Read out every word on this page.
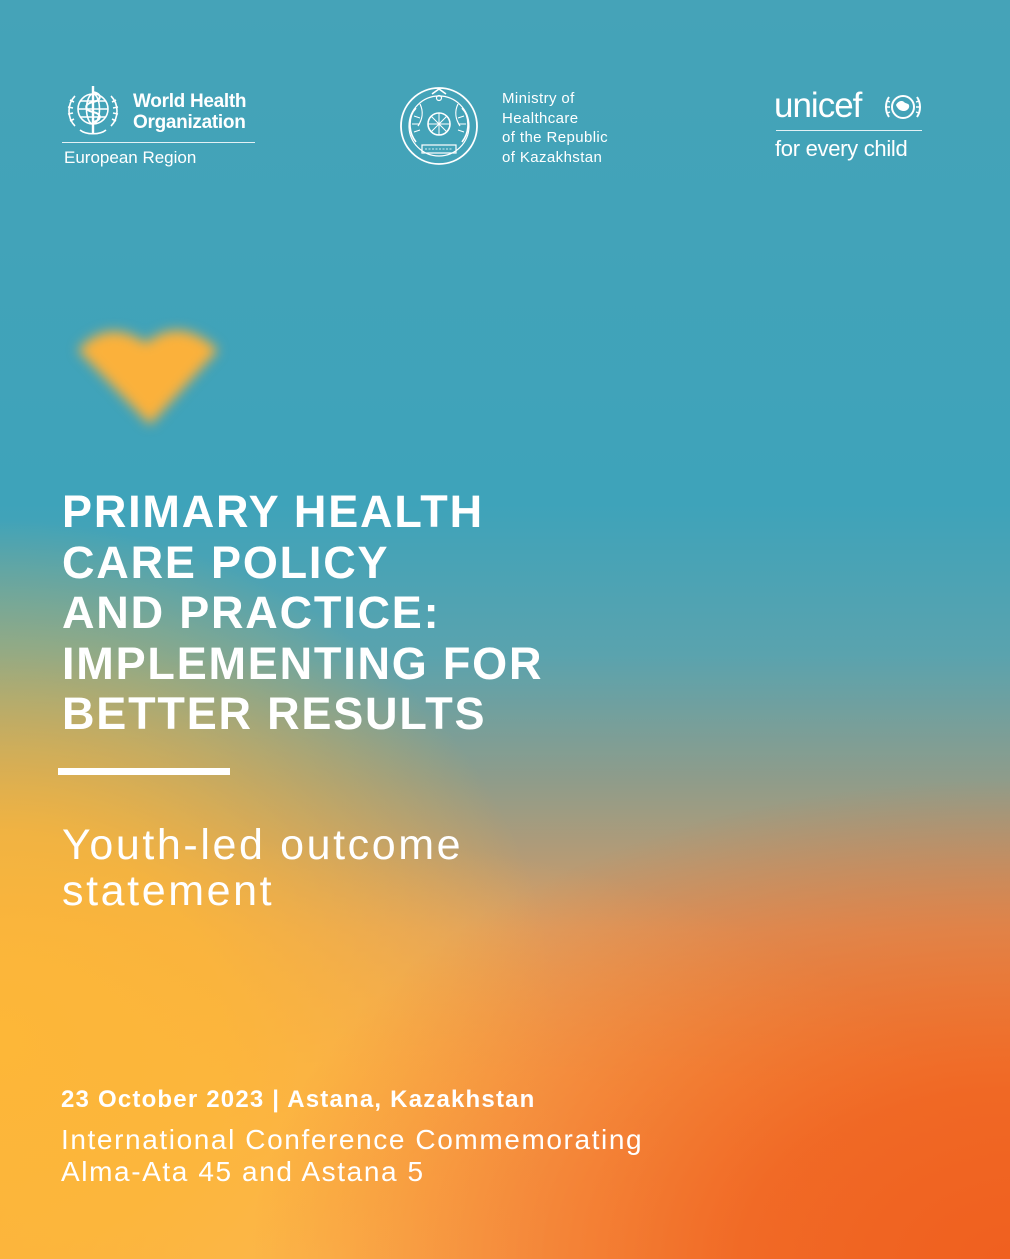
World Health
Organization
European Region
Ministry of
Healthcare
of the Republic
of Kazakhstan
unicef
for every child
PRIMARY HEALTH
CARE POLICY
AND PRACTICE:
IMPLEMENTING FOR
BETTER RESULTS
Youth-led outcome
statement
23 October 2023 | Astana, Kazakhstan
International Conference Commemorating
Alma-Ata 45 and Astana 5
